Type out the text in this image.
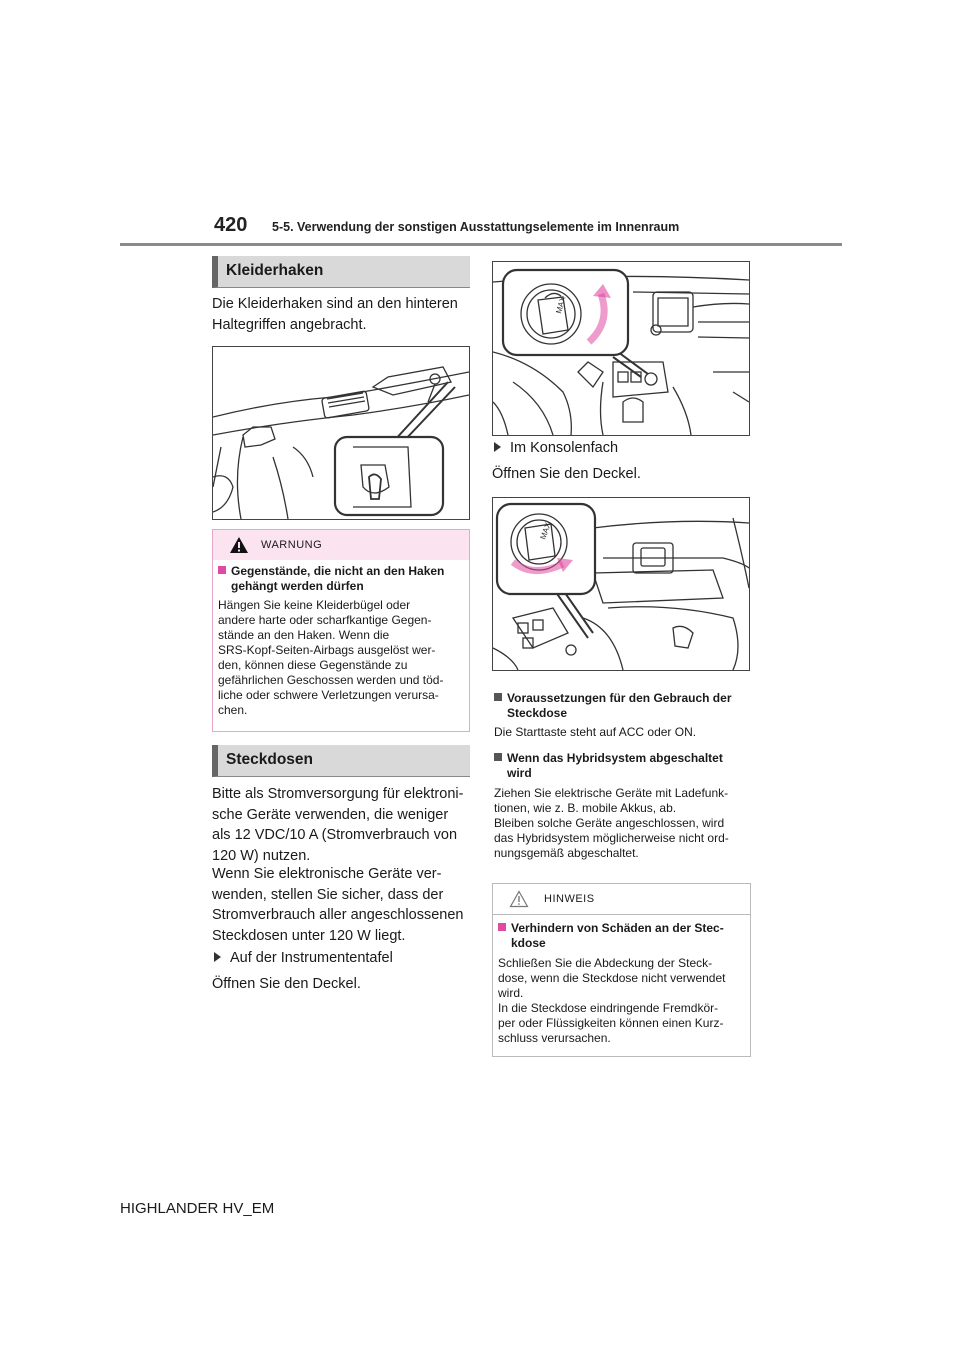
420 5-5. Verwendung der sonstigen Ausstattungselemente im Innenraum
Kleiderhaken
Die Kleiderhaken sind an den hinteren
Haltegriffen angebracht.
WARNUNG
Gegenstände, die nicht an den Haken
gehängt werden dürfen
Hängen Sie keine Kleiderbügel oder
andere harte oder scharfkantige Gegen-
stände an den Haken. Wenn die
SRS-Kopf-Seiten-Airbags ausgelöst wer-
den, können diese Gegenstände zu
gefährlichen Geschossen werden und töd-
liche oder schwere Verletzungen verursa-
chen.
Steckdosen
Bitte als Stromversorgung für elektroni-
sche Geräte verwenden, die weniger
als 12 VDC/10 A (Stromverbrauch von
120 W) nutzen.
Wenn Sie elektronische Geräte ver-
wenden, stellen Sie sicher, dass der
Stromverbrauch aller angeschlossenen
Steckdosen unter 120 W liegt.
Auf der Instrumententafel
Öffnen Sie den Deckel.
MAX
Im Konsolenfach
Öffnen Sie den Deckel.
MAX
Voraussetzungen für den Gebrauch der
Steckdose
Die Starttaste steht auf ACC oder ON.
Wenn das Hybridsystem abgeschaltet
wird
Ziehen Sie elektrische Geräte mit Ladefunk-
tionen, wie z. B. mobile Akkus, ab.
Bleiben solche Geräte angeschlossen, wird
das Hybridsystem möglicherweise nicht ord-
nungsgemäß abgeschaltet.
HINWEIS
Verhindern von Schäden an der Stec-
kdose
Schließen Sie die Abdeckung der Steck-
dose, wenn die Steckdose nicht verwendet
wird.
In die Steckdose eindringende Fremdkör-
per oder Flüssigkeiten können einen Kurz-
schluss verursachen.
HIGHLANDER HV_EM
